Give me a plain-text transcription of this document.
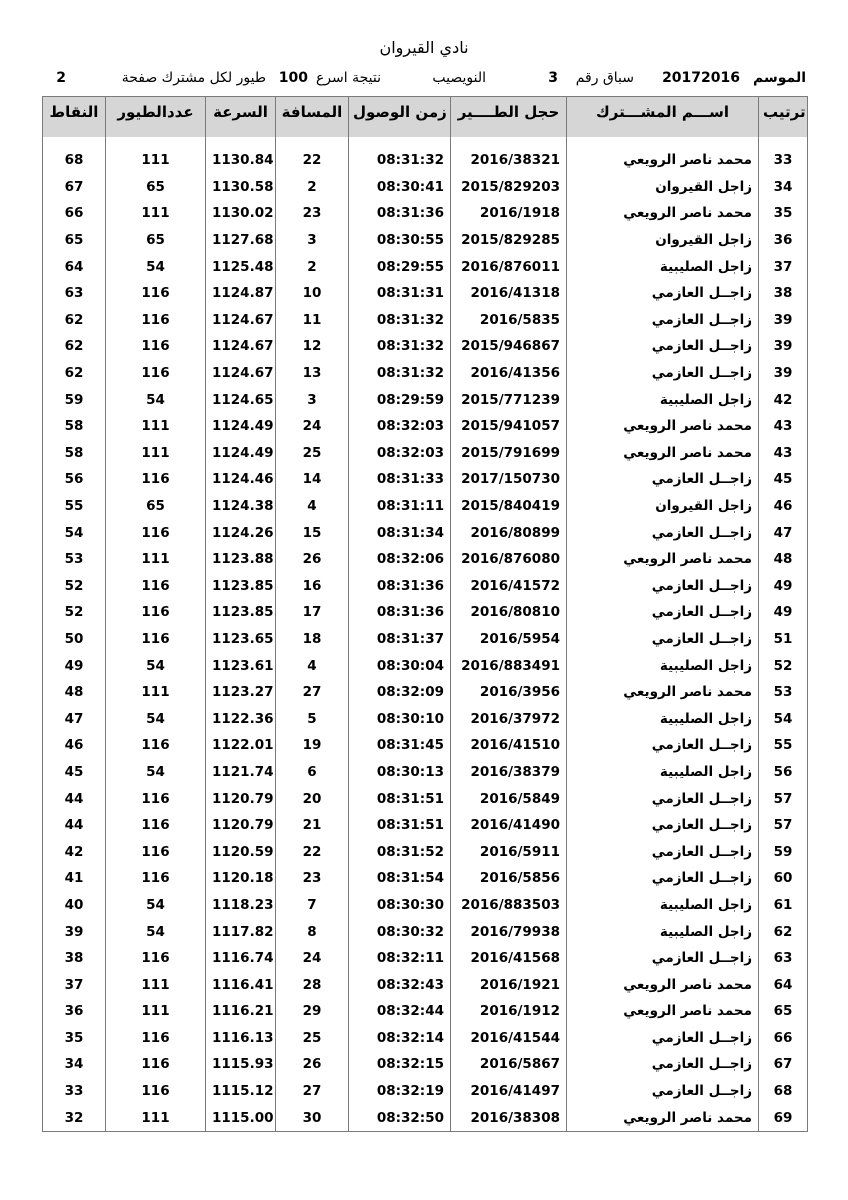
نادي القيروان
الموسم
20172016
سباق رقم
3
النويصيب
نتيجة اسرع
100
طيور لكل مشترك صفحة
2
النقاط	عددالطيور	السرعة	المسافة	زمن الوصول	حجل الطــــير	اســـم المشـــترك	ترتيب

68	111	1130.84	22	08:31:32	2016/38321	محمد ناصر الرويعي	33
67	65	1130.58	2	08:30:41	2015/829203	زاجل القيروان	34
66	111	1130.02	23	08:31:36	2016/1918	محمد ناصر الرويعي	35
65	65	1127.68	3	08:30:55	2015/829285	زاجل القيروان	36
64	54	1125.48	2	08:29:55	2016/876011	زاجل الصليبية	37
63	116	1124.87	10	08:31:31	2016/41318	زاجــل العازمي	38
62	116	1124.67	11	08:31:32	2016/5835	زاجــل العازمي	39
62	116	1124.67	12	08:31:32	2015/946867	زاجــل العازمي	39
62	116	1124.67	13	08:31:32	2016/41356	زاجــل العازمي	39
59	54	1124.65	3	08:29:59	2015/771239	زاجل الصليبية	42
58	111	1124.49	24	08:32:03	2015/941057	محمد ناصر الرويعي	43
58	111	1124.49	25	08:32:03	2015/791699	محمد ناصر الرويعي	43
56	116	1124.46	14	08:31:33	2017/150730	زاجــل العازمي	45
55	65	1124.38	4	08:31:11	2015/840419	زاجل القيروان	46
54	116	1124.26	15	08:31:34	2016/80899	زاجــل العازمي	47
53	111	1123.88	26	08:32:06	2016/876080	محمد ناصر الرويعي	48
52	116	1123.85	16	08:31:36	2016/41572	زاجــل العازمي	49
52	116	1123.85	17	08:31:36	2016/80810	زاجــل العازمي	49
50	116	1123.65	18	08:31:37	2016/5954	زاجــل العازمي	51
49	54	1123.61	4	08:30:04	2016/883491	زاجل الصليبية	52
48	111	1123.27	27	08:32:09	2016/3956	محمد ناصر الرويعي	53
47	54	1122.36	5	08:30:10	2016/37972	زاجل الصليبية	54
46	116	1122.01	19	08:31:45	2016/41510	زاجــل العازمي	55
45	54	1121.74	6	08:30:13	2016/38379	زاجل الصليبية	56
44	116	1120.79	20	08:31:51	2016/5849	زاجــل العازمي	57
44	116	1120.79	21	08:31:51	2016/41490	زاجــل العازمي	57
42	116	1120.59	22	08:31:52	2016/5911	زاجــل العازمي	59
41	116	1120.18	23	08:31:54	2016/5856	زاجــل العازمي	60
40	54	1118.23	7	08:30:30	2016/883503	زاجل الصليبية	61
39	54	1117.82	8	08:30:32	2016/79938	زاجل الصليبية	62
38	116	1116.74	24	08:32:11	2016/41568	زاجــل العازمي	63
37	111	1116.41	28	08:32:43	2016/1921	محمد ناصر الرويعي	64
36	111	1116.21	29	08:32:44	2016/1912	محمد ناصر الرويعي	65
35	116	1116.13	25	08:32:14	2016/41544	زاجــل العازمي	66
34	116	1115.93	26	08:32:15	2016/5867	زاجــل العازمي	67
33	116	1115.12	27	08:32:19	2016/41497	زاجــل العازمي	68
32	111	1115.00	30	08:32:50	2016/38308	محمد ناصر الرويعي	69
